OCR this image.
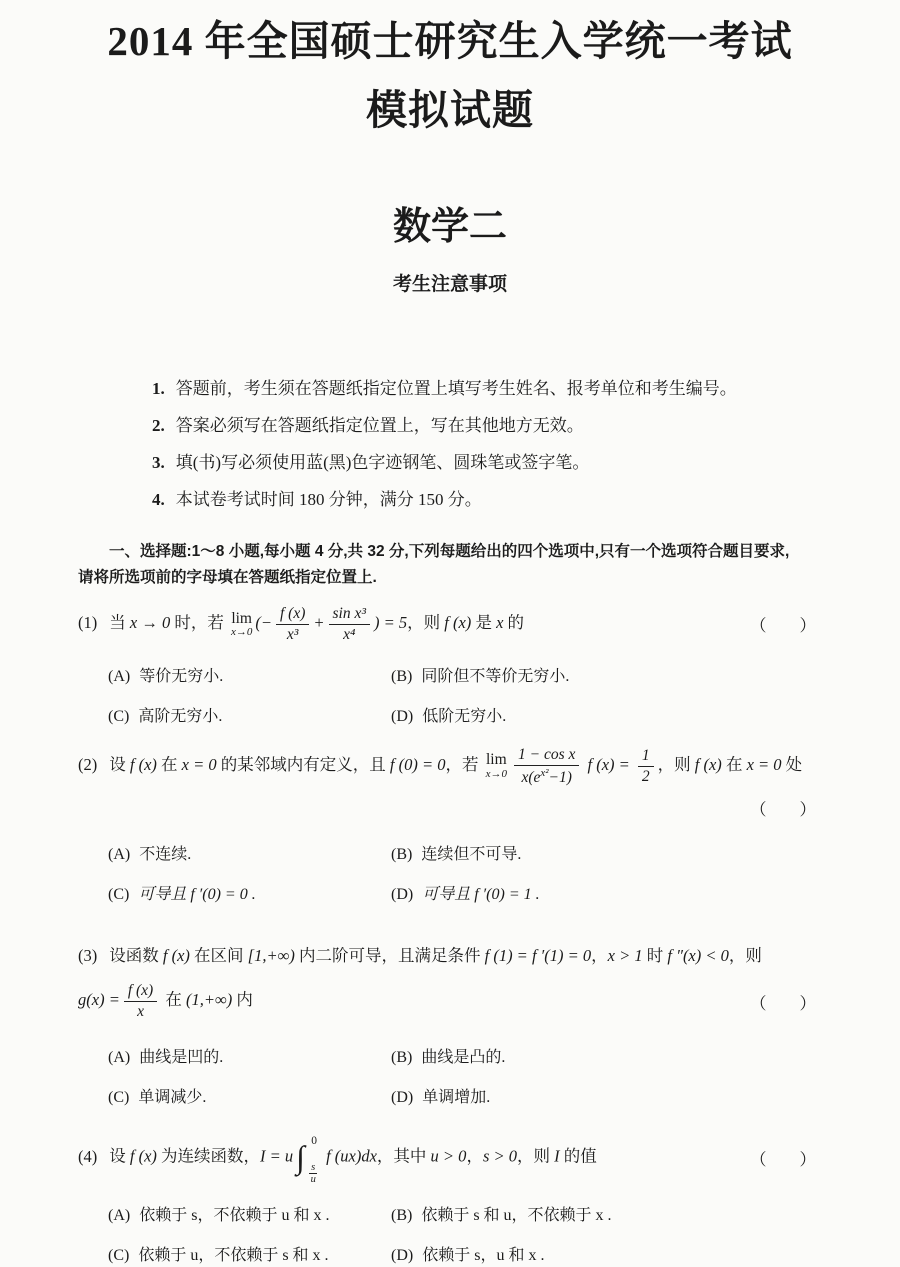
2014 年全国硕士研究生入学统一考试
模拟试题
数学二
考生注意事项
1. 答题前，考生须在答题纸指定位置上填写考生姓名、报考单位和考生编号。
2. 答案必须写在答题纸指定位置上，写在其他地方无效。
3. 填(书)写必须使用蓝(黑)色字迹钢笔、圆珠笔或签字笔。
4. 本试卷考试时间 180 分钟，满分 150 分。
一、选择题:1～8 小题,每小题 4 分,共 32 分,下列每题给出的四个选项中,只有一个选项符合题目要求,
请将所选项前的字母填在答题纸指定位置上.
(1) 当 x → 0 时，若 lim
x→0 (− $\frac{f (x)}{\text{x³}} + \frac{\text{sin x³}}{\text{x⁴}}$ ) = 5，则 f (x) 是 x 的	（　　）
(A) 等价无穷小.	(B) 同阶但不等价无穷小.
(C) 高阶无穷小.	(D) 低阶无穷小.
(2) 设 f (x) 在 x = 0 的某邻域内有定义，且 f (0) = 0，若 lim
$x\to 0 \frac{\text{1 − cos x}}{x(e^{x^2}-1)}$ f $(x) = \frac{1}{2}$ ，则 f (x) 在 x = 0 处
（　　）
(A) 不连续.	(B) 连续但不可导.
(C) 可导且 f ′(0) = 0 .	(D) 可导且 f ′(0) = 1 .
(3) 设函数 f (x) 在区间 [1,+∞) 内二阶可导，且满足条件 f (1) = f ′(1) = 0，x > 1 时 f ″(x) < 0，则
$g(x) = \frac{f (x)}{x}$ 在 (1,+∞) 内	（　　）
(A) 曲线是凹的.	(B) 曲线是凸的.
(C) 单调减少.	(D) 单调增加.
(4) 设 f (x) 为连续函数，I = u∫ 0
$\frac{s}{u}$
f (ux)dx，其中 u > 0，s > 0，则 I 的值	（　　）
(A) 依赖于 s，不依赖于 u 和 x .	(B) 依赖于 s 和 u，不依赖于 x .
(C) 依赖于 u，不依赖于 s 和 x .	(D) 依赖于 s，u 和 x .
